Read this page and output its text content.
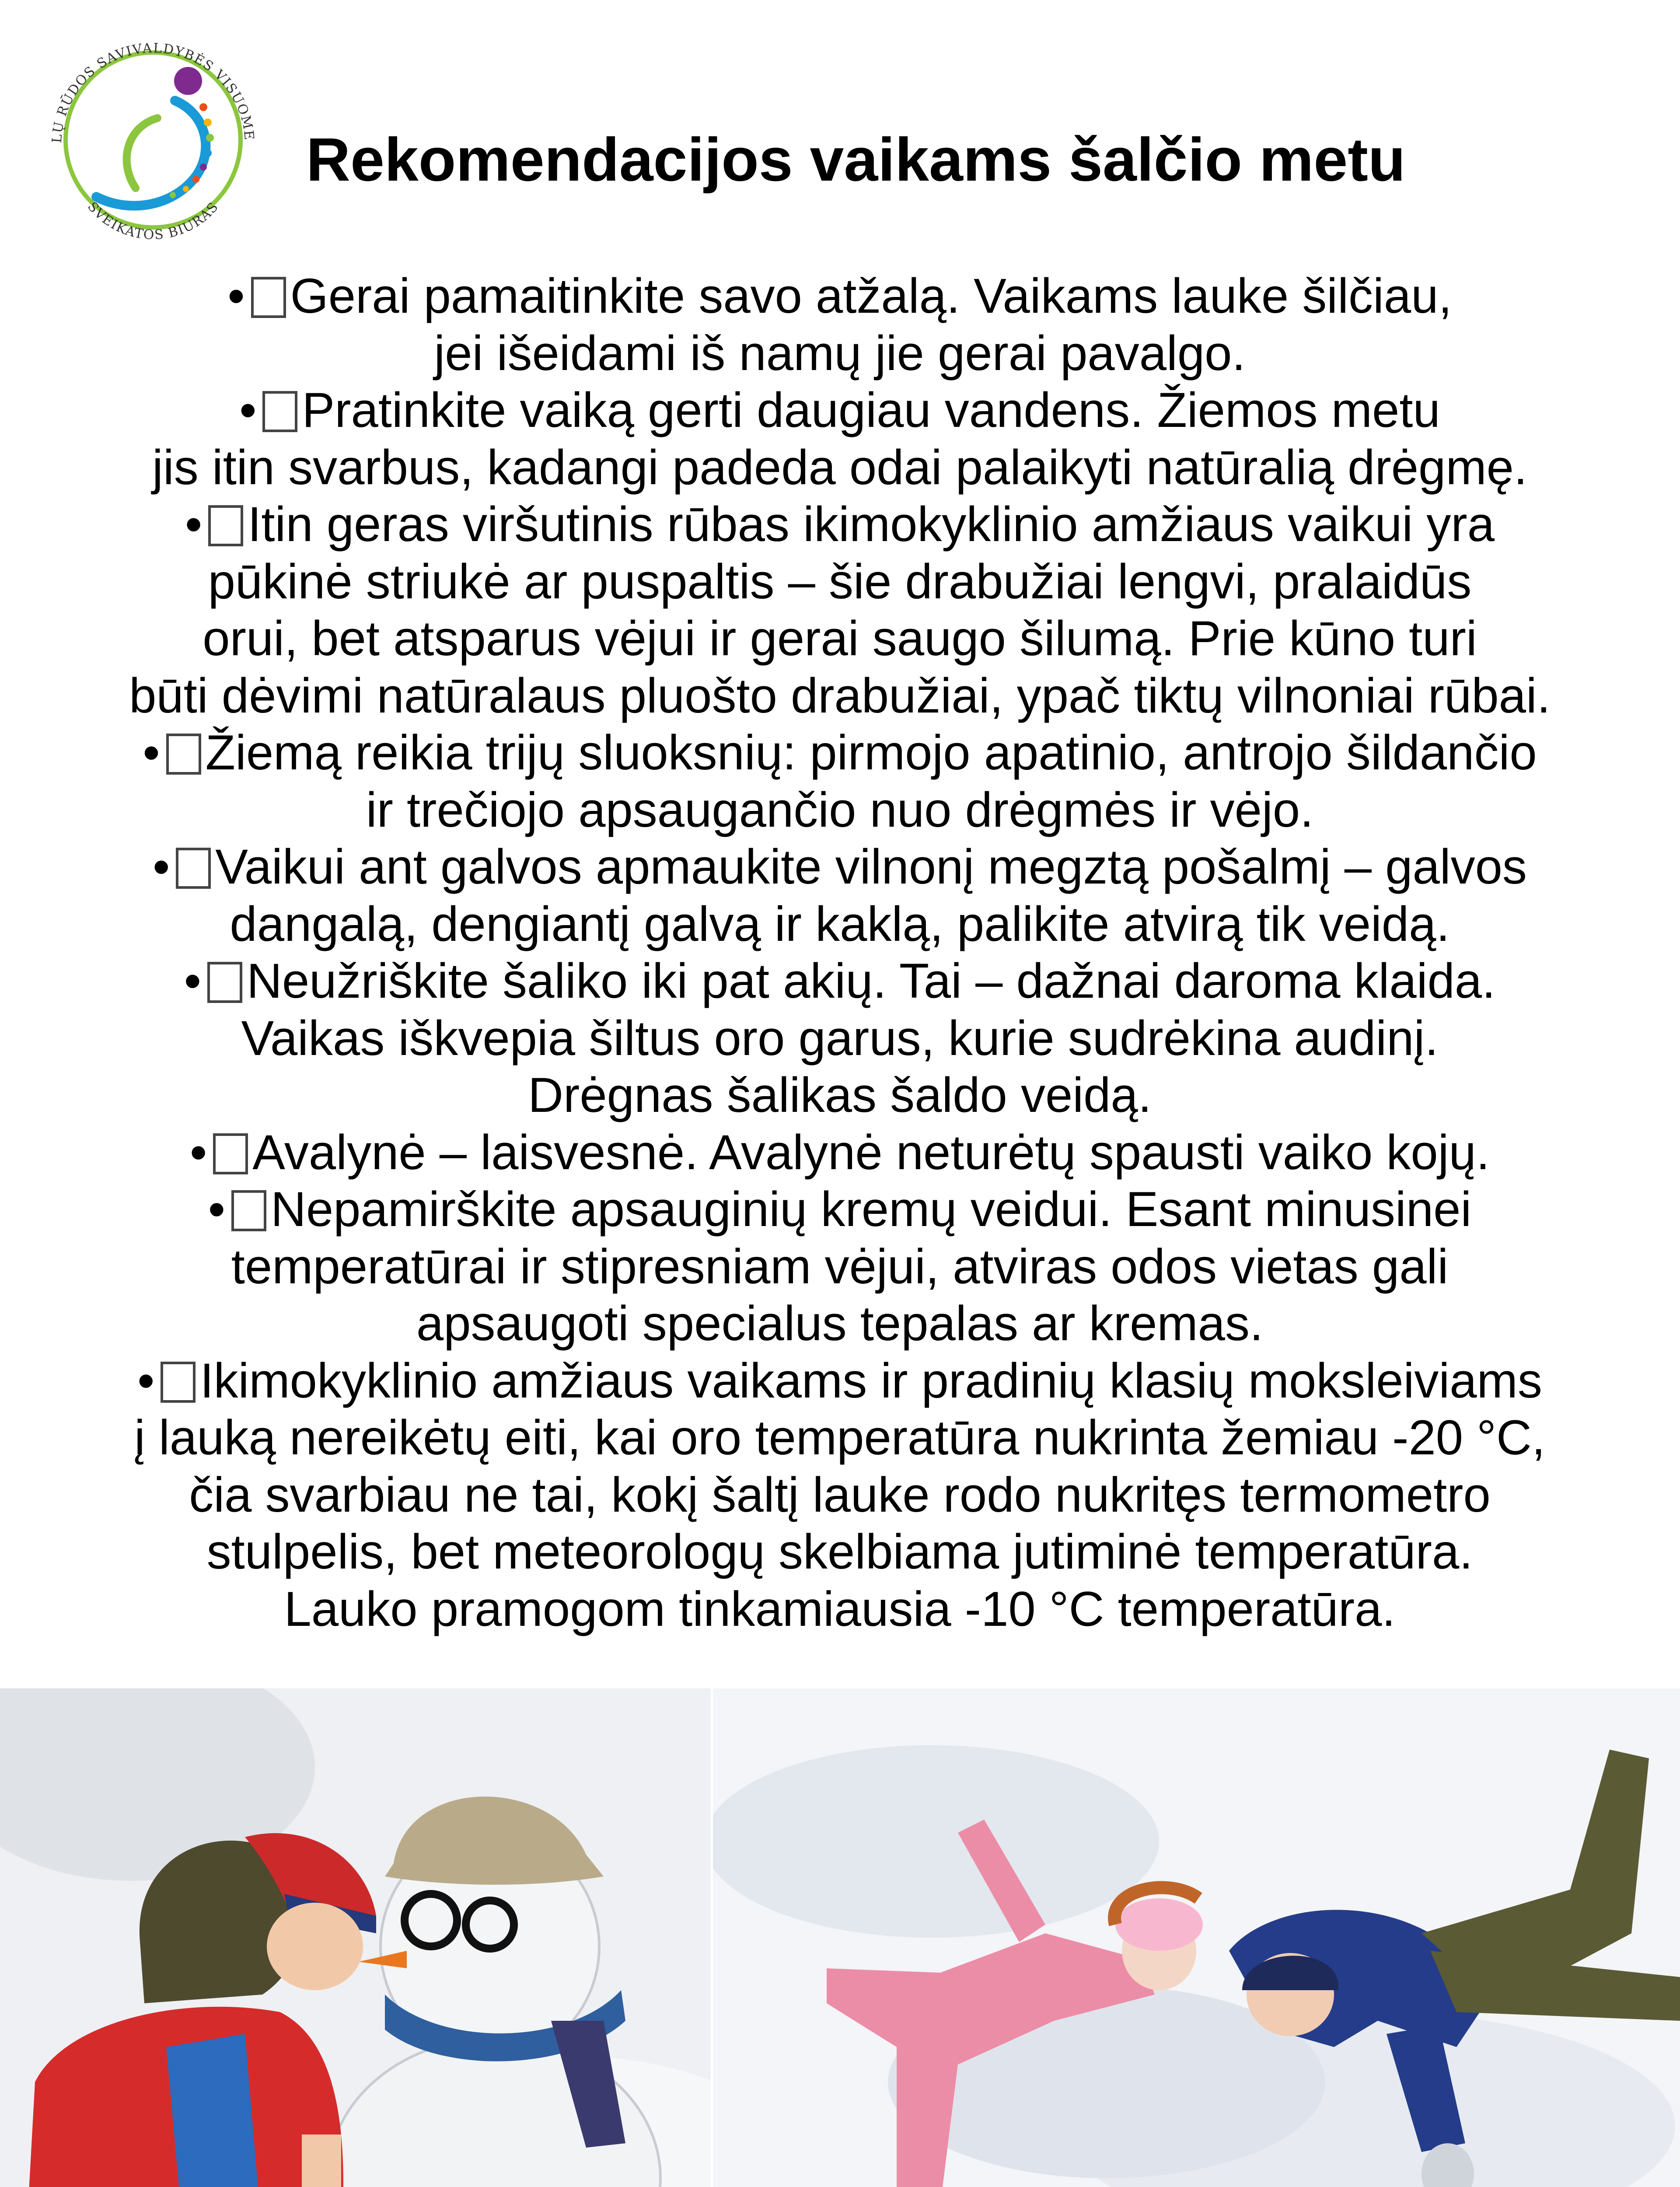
LŲ RŪDOS SAVIVALDYBĖS VISUOME
SVEIKATOS BIURAS
Rekomendacijos vaikams šalčio metu
• Gerai pamaitinkite savo atžalą. Vaikams lauke šilčiau,
jei išeidami iš namų jie gerai pavalgo.
• Pratinkite vaiką gerti daugiau vandens. Žiemos metu
jis itin svarbus, kadangi padeda odai palaikyti natūralią drėgmę.
• Itin geras viršutinis rūbas ikimokyklinio amžiaus vaikui yra
pūkinė striukė ar puspaltis – šie drabužiai lengvi, pralaidūs
orui, bet atsparus vėjui ir gerai saugo šilumą. Prie kūno turi
būti dėvimi natūralaus pluošto drabužiai, ypač tiktų vilnoniai rūbai.
• Žiemą reikia trijų sluoksnių: pirmojo apatinio, antrojo šildančio
ir trečiojo apsaugančio nuo drėgmės ir vėjo.
• Vaikui ant galvos apmaukite vilnonį megztą pošalmį – galvos
dangalą, dengiantį galvą ir kaklą, palikite atvirą tik veidą.
• Neužriškite šaliko iki pat akių. Tai – dažnai daroma klaida.
Vaikas iškvepia šiltus oro garus, kurie sudrėkina audinį.
Drėgnas šalikas šaldo veidą.
• Avalynė – laisvesnė. Avalynė neturėtų spausti vaiko kojų.
• Nepamirškite apsauginių kremų veidui. Esant minusinei
temperatūrai ir stipresniam vėjui, atviras odos vietas gali
apsaugoti specialus tepalas ar kremas.
• Ikimokyklinio amžiaus vaikams ir pradinių klasių moksleiviams
į lauką nereikėtų eiti, kai oro temperatūra nukrinta žemiau -20 °C,
čia svarbiau ne tai, kokį šaltį lauke rodo nukritęs termometro
stulpelis, bet meteorologų skelbiama jutiminė temperatūra.
Lauko pramogom tinkamiausia -10 °C temperatūra.
